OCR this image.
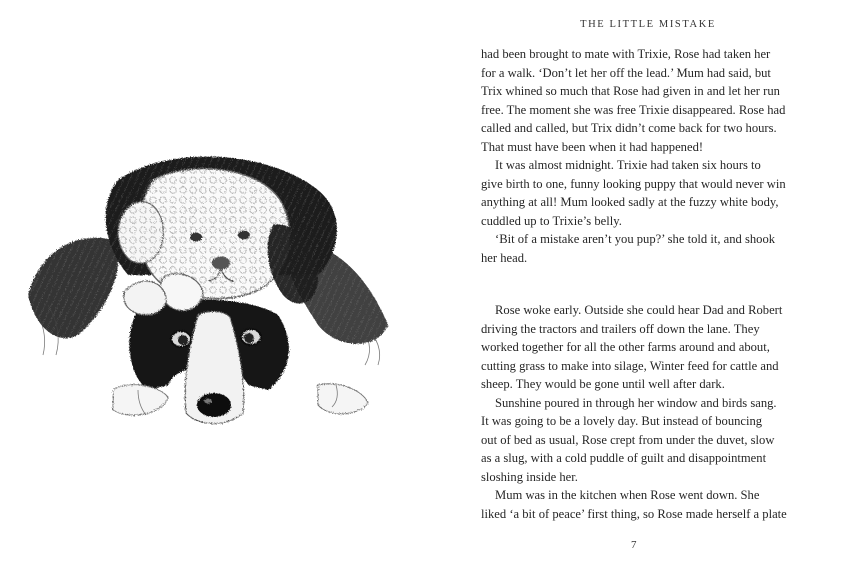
THE LITTLE MISTAKE
had been brought to mate with Trixie, Rose had taken her
for a walk. ‘Don’t let her off the lead.’ Mum had said, but
Trix whined so much that Rose had given in and let her run
free. The moment she was free Trixie disappeared. Rose had
called and called, but Trix didn’t come back for two hours.
That must have been when it had happened!
It was almost midnight. Trixie had taken six hours to
give birth to one, funny looking puppy that would never win
anything at all! Mum looked sadly at the fuzzy white body,
cuddled up to Trixie’s belly.
‘Bit of a mistake aren’t you pup?’ she told it, and shook
her head.
Rose woke early. Outside she could hear Dad and Robert
driving the tractors and trailers off down the lane. They
worked together for all the other farms around and about,
cutting grass to make into silage, Winter feed for cattle and
sheep. They would be gone until well after dark.
Sunshine poured in through her window and birds sang.
It was going to be a lovely day. But instead of bouncing
out of bed as usual, Rose crept from under the duvet, slow
as a slug, with a cold puddle of guilt and disappointment
sloshing inside her.
Mum was in the kitchen when Rose went down. She
liked ‘a bit of peace’ first thing, so Rose made herself a plate
7
